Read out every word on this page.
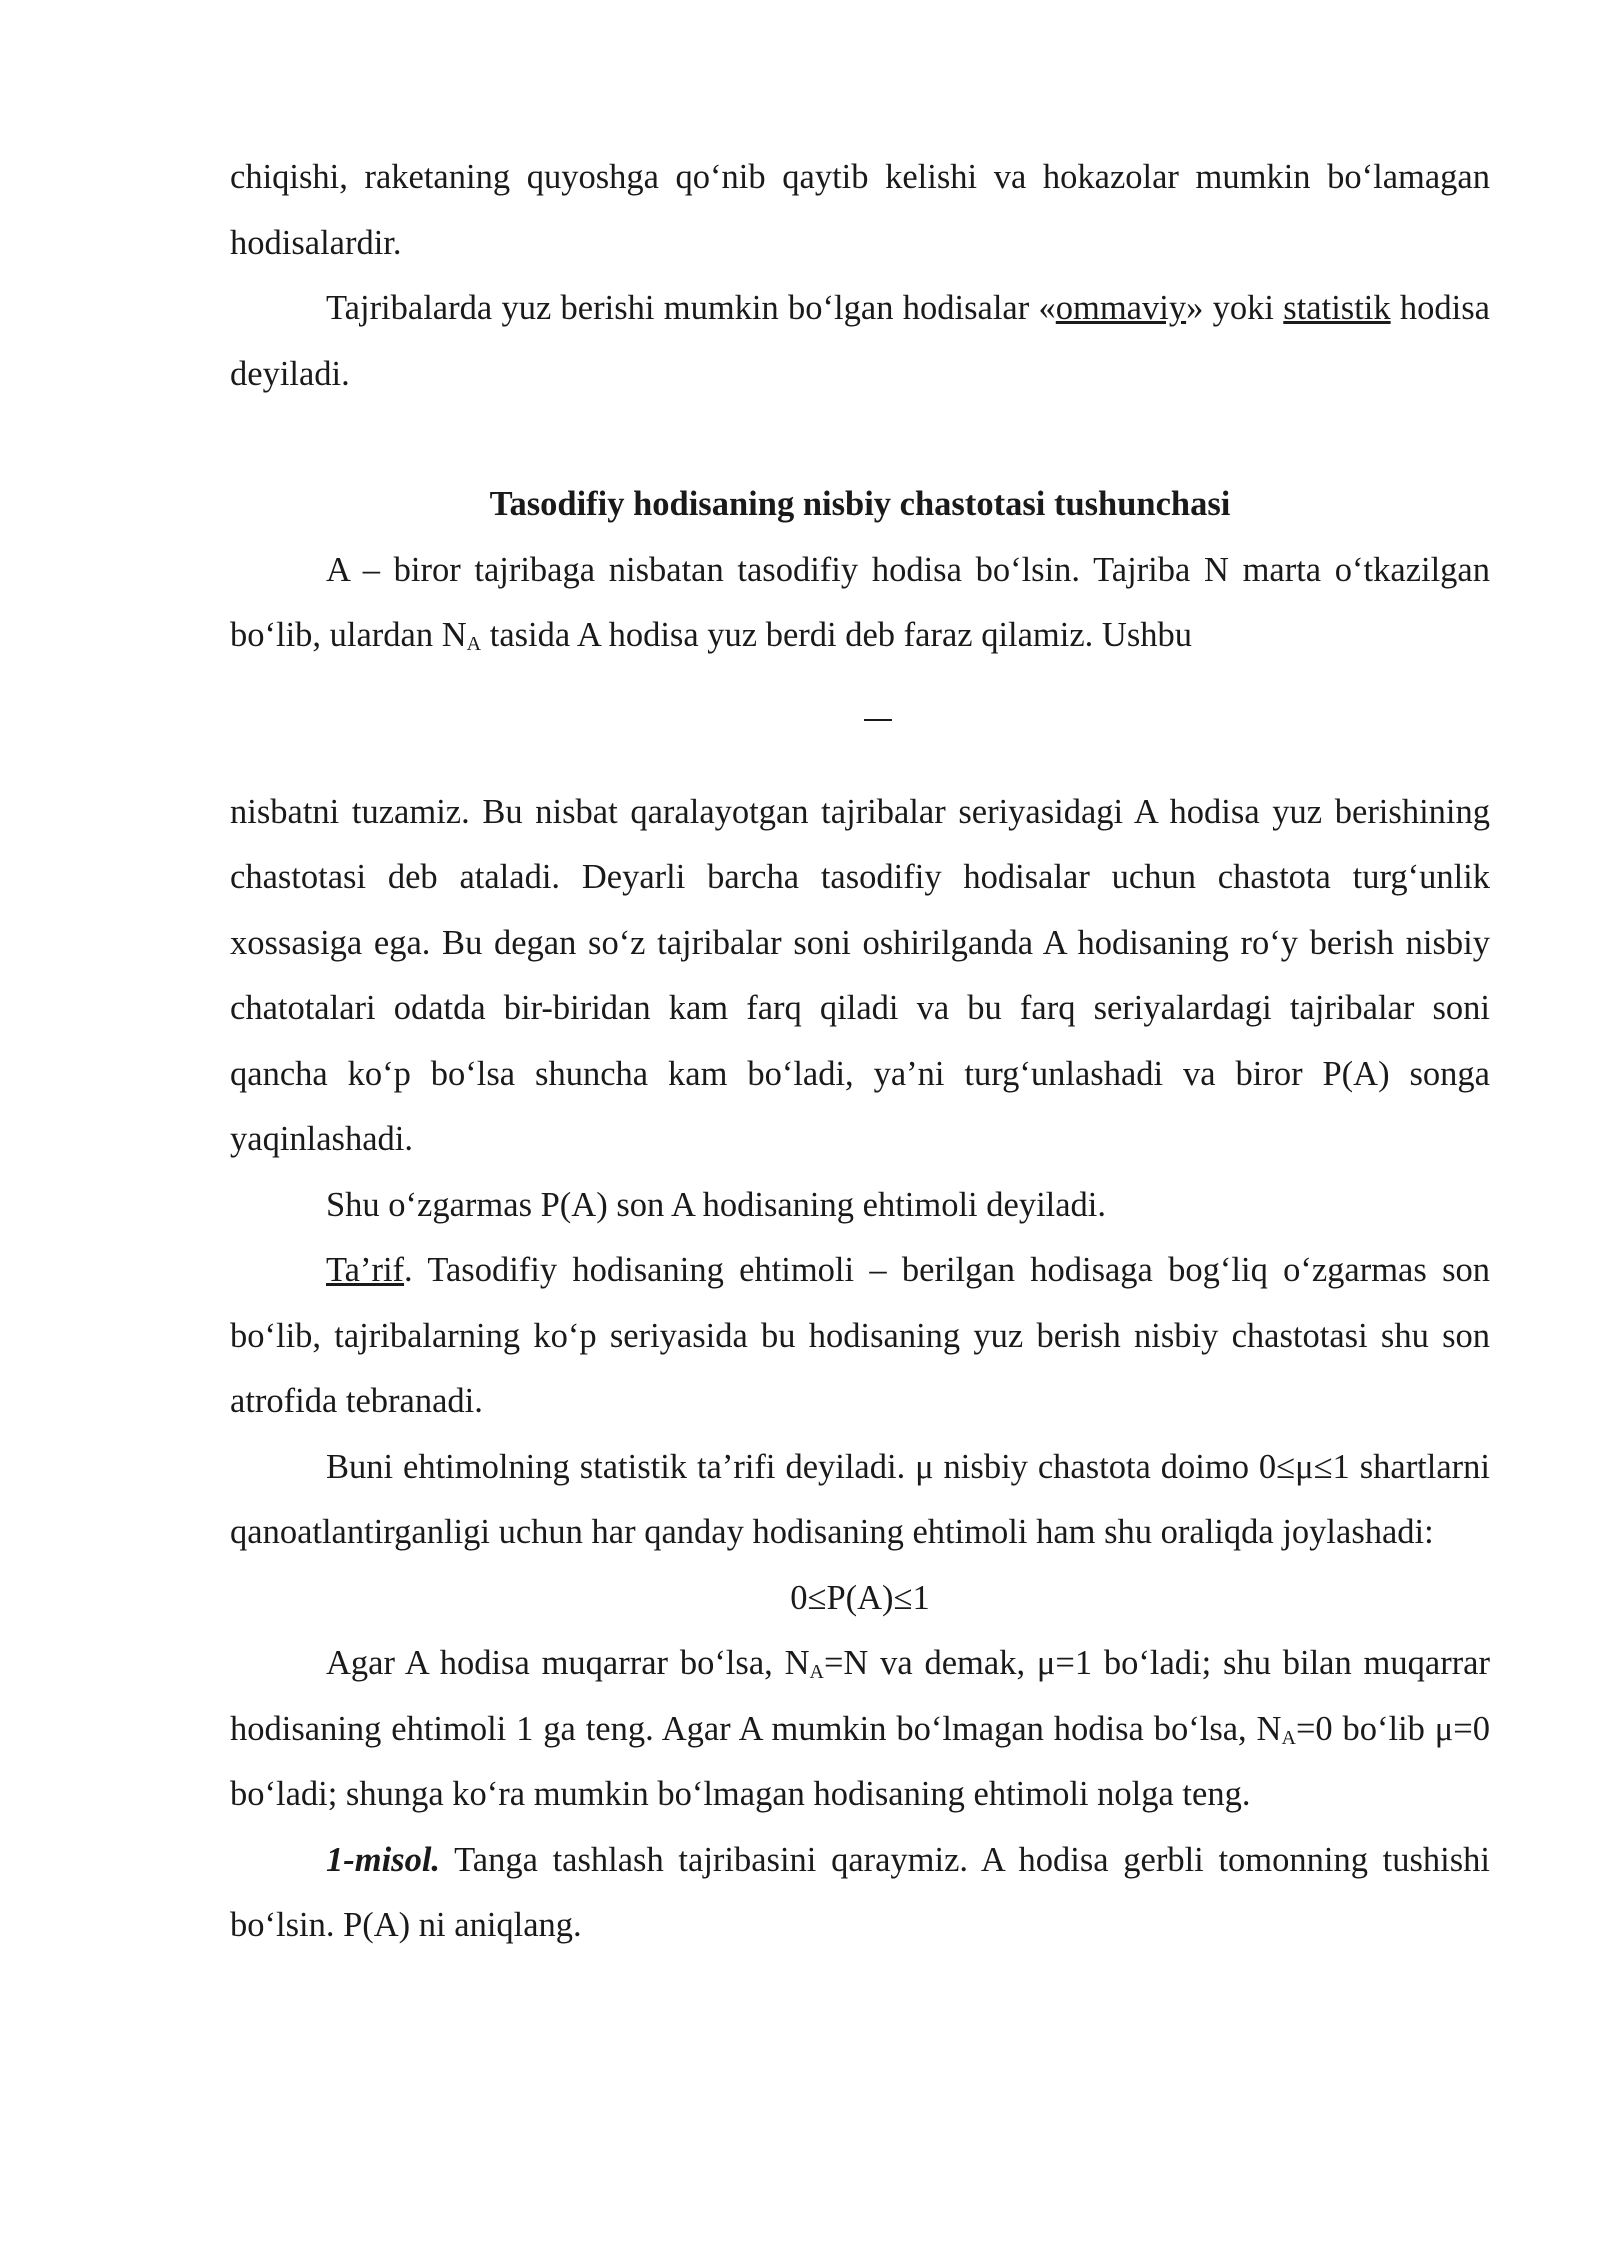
chiqishi, raketaning quyoshga qo‘nib qaytib kelishi va hokazolar mumkin bo‘lamagan hodisalardir.

Tajribalarda yuz berishi mumkin bo‘lgan hodisalar «ommaviy» yoki statistik hodisa deyiladi.

Tasodifiy hodisaning nisbiy chastotasi tushunchasi

A – biror tajribaga nisbatan tasodifiy hodisa bo‘lsin. Tajriba N marta o‘tkazilgan bo‘lib, ulardan $N_A$ tasida A hodisa yuz berdi deb faraz qilamiz. Ushbu

nisbatni tuzamiz. Bu nisbat qaralayotgan tajribalar seriyasidagi A hodisa yuz berishining chastotasi deb ataladi. Deyarli barcha tasodifiy hodisalar uchun chastota turg‘unlik xossasiga ega. Bu degan so‘z tajribalar soni oshirilganda A hodisaning ro‘y berish nisbiy chatotalari odatda bir-biridan kam farq qiladi va bu farq seriyalardagi tajribalar soni qancha ko‘p bo‘lsa shuncha kam bo‘ladi, ya’ni turg‘unlashadi va biror P(A) songa yaqinlashadi.

Shu o‘zgarmas P(A) son A hodisaning ehtimoli deyiladi.

Ta’rif. Tasodifiy hodisaning ehtimoli – berilgan hodisaga bog‘liq o‘zgarmas son bo‘lib, tajribalarning ko‘p seriyasida bu hodisaning yuz berish nisbiy chastotasi shu son atrofida tebranadi.

Buni ehtimolning statistik ta’rifi deyiladi. μ nisbiy chastota doimo 0≤μ≤1 shartlarni qanoatlantirganligi uchun har qanday hodisaning ehtimoli ham shu oraliqda joylashadi:

0≤P(A)≤1

Agar A hodisa muqarrar bo‘lsa, $N_A=N$ va demak, μ=1 bo‘ladi; shu bilan muqarrar hodisaning ehtimoli 1 ga teng. Agar A mumkin bo‘lmagan hodisa bo‘lsa, $N_A=0$ bo‘lib μ=0 bo‘ladi; shunga ko‘ra mumkin bo‘lmagan hodisaning ehtimoli nolga teng.

1-misol. Tanga tashlash tajribasini qaraymiz. A hodisa gerbli tomonning tushishi bo‘lsin. P(A) ni aniqlang.
